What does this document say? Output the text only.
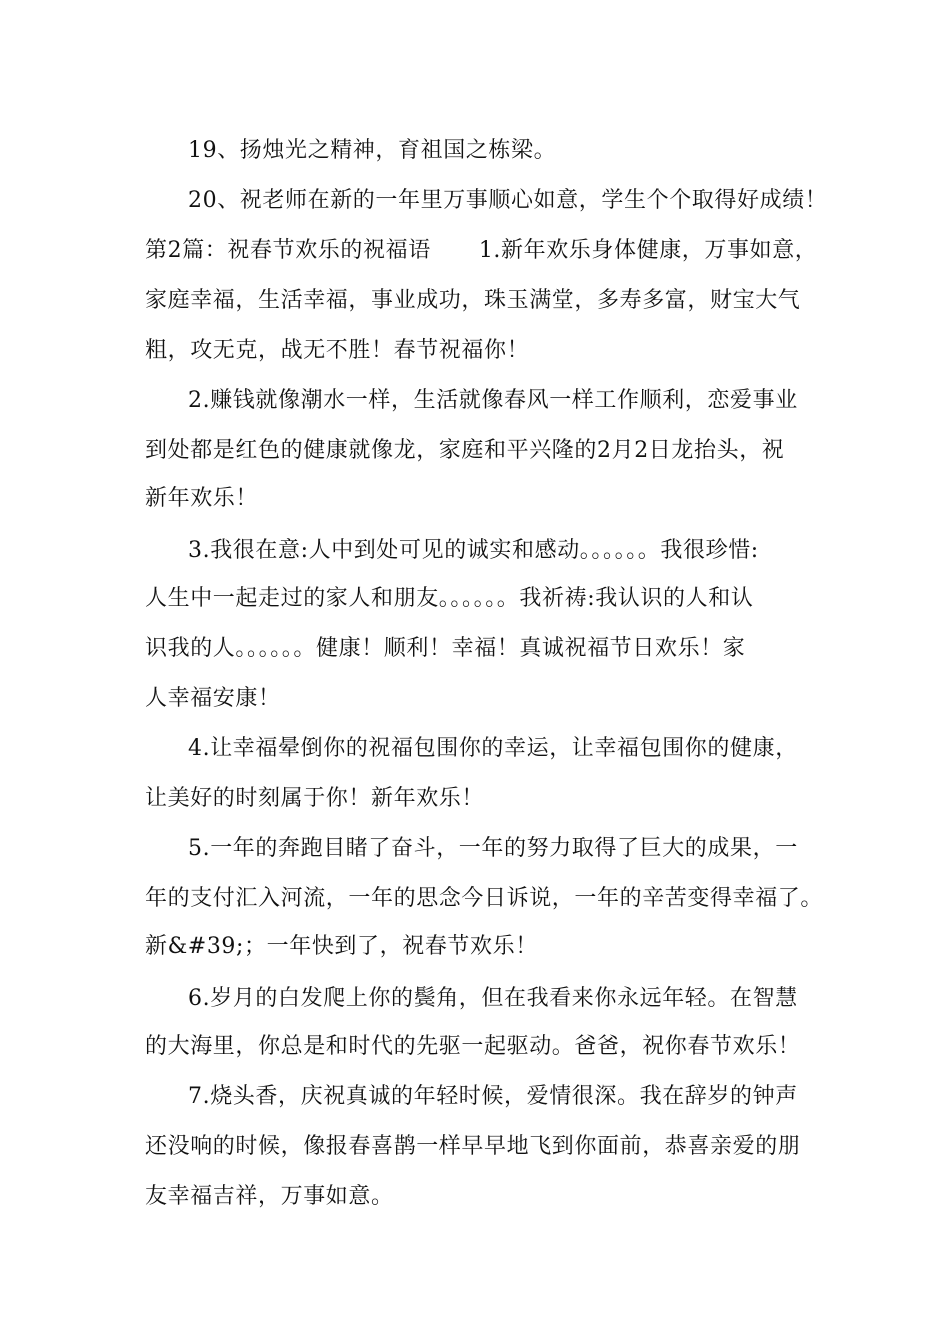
19、扬烛光之精神，育祖国之栋梁。
20、祝老师在新的一年里万事顺心如意，学生个个取得好成绩！
第2篇：祝春节欢乐的祝福语 1.新年欢乐身体健康，万事如意，
家庭幸福，生活幸福，事业成功，珠玉满堂，多寿多富，财宝大气
粗，攻无克，战无不胜！春节祝福你！
2.赚钱就像潮水一样，生活就像春风一样工作顺利，恋爱事业
到处都是红色的健康就像龙，家庭和平兴隆的2月2日龙抬头，祝
新年欢乐！
3.我很在意:人中到处可见的诚实和感动。。。。。。我很珍惜:
人生中一起走过的家人和朋友。。。。。。我祈祷:我认识的人和认
识我的人。。。。。。健康！顺利！幸福！真诚祝福节日欢乐！家
人幸福安康！
4.让幸福晕倒你的祝福包围你的幸运，让幸福包围你的健康，
让美好的时刻属于你！新年欢乐！
5.一年的奔跑目睹了奋斗，一年的努力取得了巨大的成果，一
年的支付汇入河流，一年的思念今日诉说，一年的辛苦变得幸福了。
新&#39;；一年快到了，祝春节欢乐！
6.岁月的白发爬上你的鬓角，但在我看来你永远年轻。在智慧
的大海里，你总是和时代的先驱一起驱动。爸爸，祝你春节欢乐！
7.烧头香，庆祝真诚的年轻时候，爱情很深。我在辞岁的钟声
还没响的时候，像报春喜鹊一样早早地飞到你面前，恭喜亲爱的朋
友幸福吉祥，万事如意。
